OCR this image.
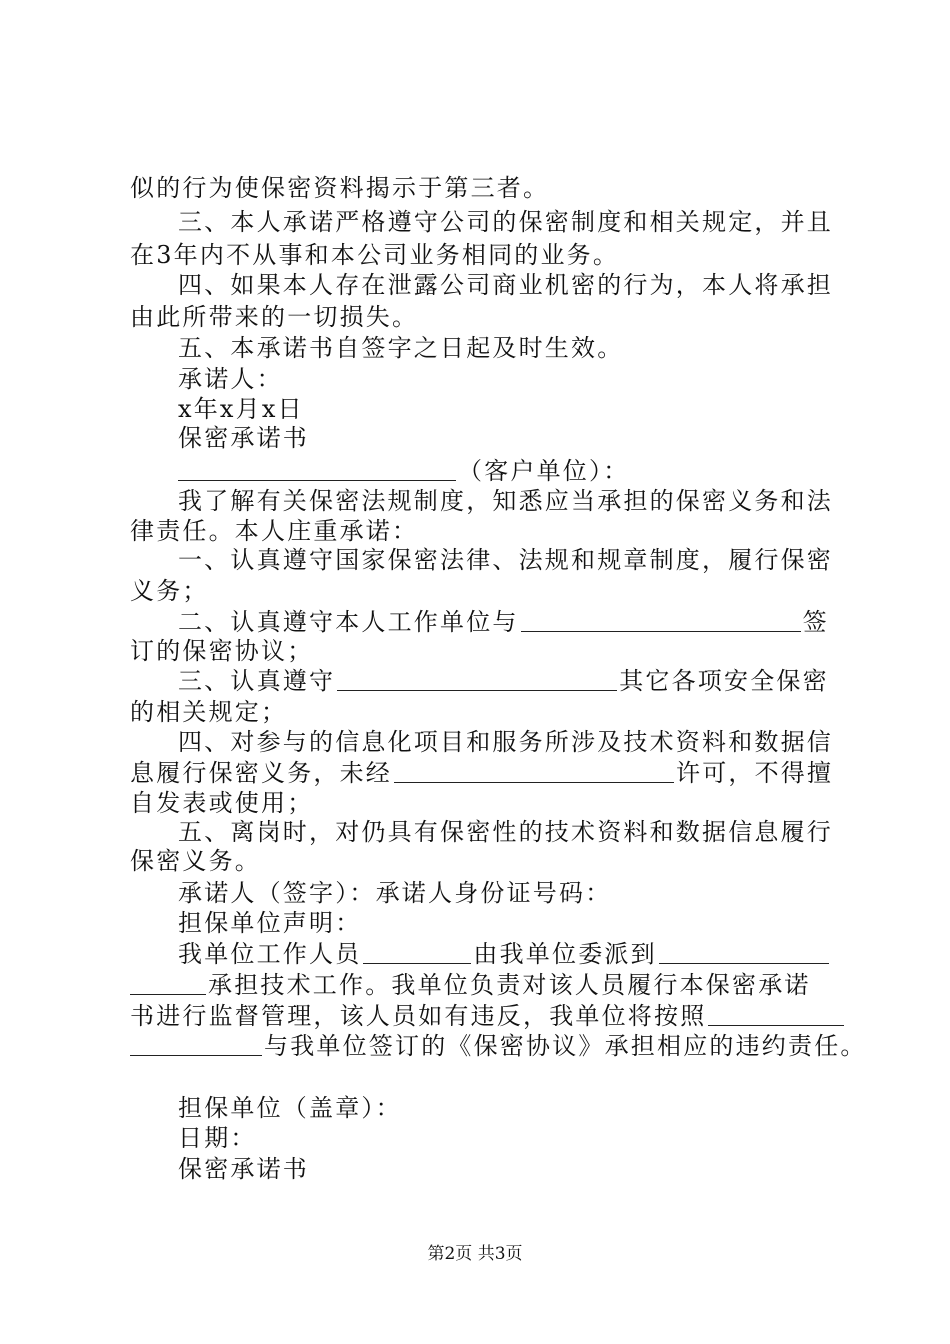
似的行为使保密资料揭示于第三者。
三、本人承诺严格遵守公司的保密制度和相关规定，并且
在3年内不从事和本公司业务相同的业务。
四、如果本人存在泄露公司商业机密的行为，本人将承担
由此所带来的一切损失。
五、本承诺书自签字之日起及时生效。
承诺人：
x年x月x日
保密承诺书
（客户单位）：
我了解有关保密法规制度，知悉应当承担的保密义务和法
律责任。本人庄重承诺：
一、认真遵守国家保密法律、法规和规章制度，履行保密
义务；
二、认真遵守本人工作单位与	签
订的保密协议；
三、认真遵守	其它各项安全保密
的相关规定；
四、对参与的信息化项目和服务所涉及技术资料和数据信
息履行保密义务，未经	许可，不得擅
自发表或使用；
五、离岗时，对仍具有保密性的技术资料和数据信息履行
保密义务。
承诺人（签字）：承诺人身份证号码：
担保单位声明：
我单位工作人员	由我单位委派到
承担技术工作。我单位负责对该人员履行本保密承诺
书进行监督管理，该人员如有违反，我单位将按照
与我单位签订的《保密协议》承担相应的违约责任。
担保单位（盖章）：
日期：
保密承诺书
第2页 共3页
